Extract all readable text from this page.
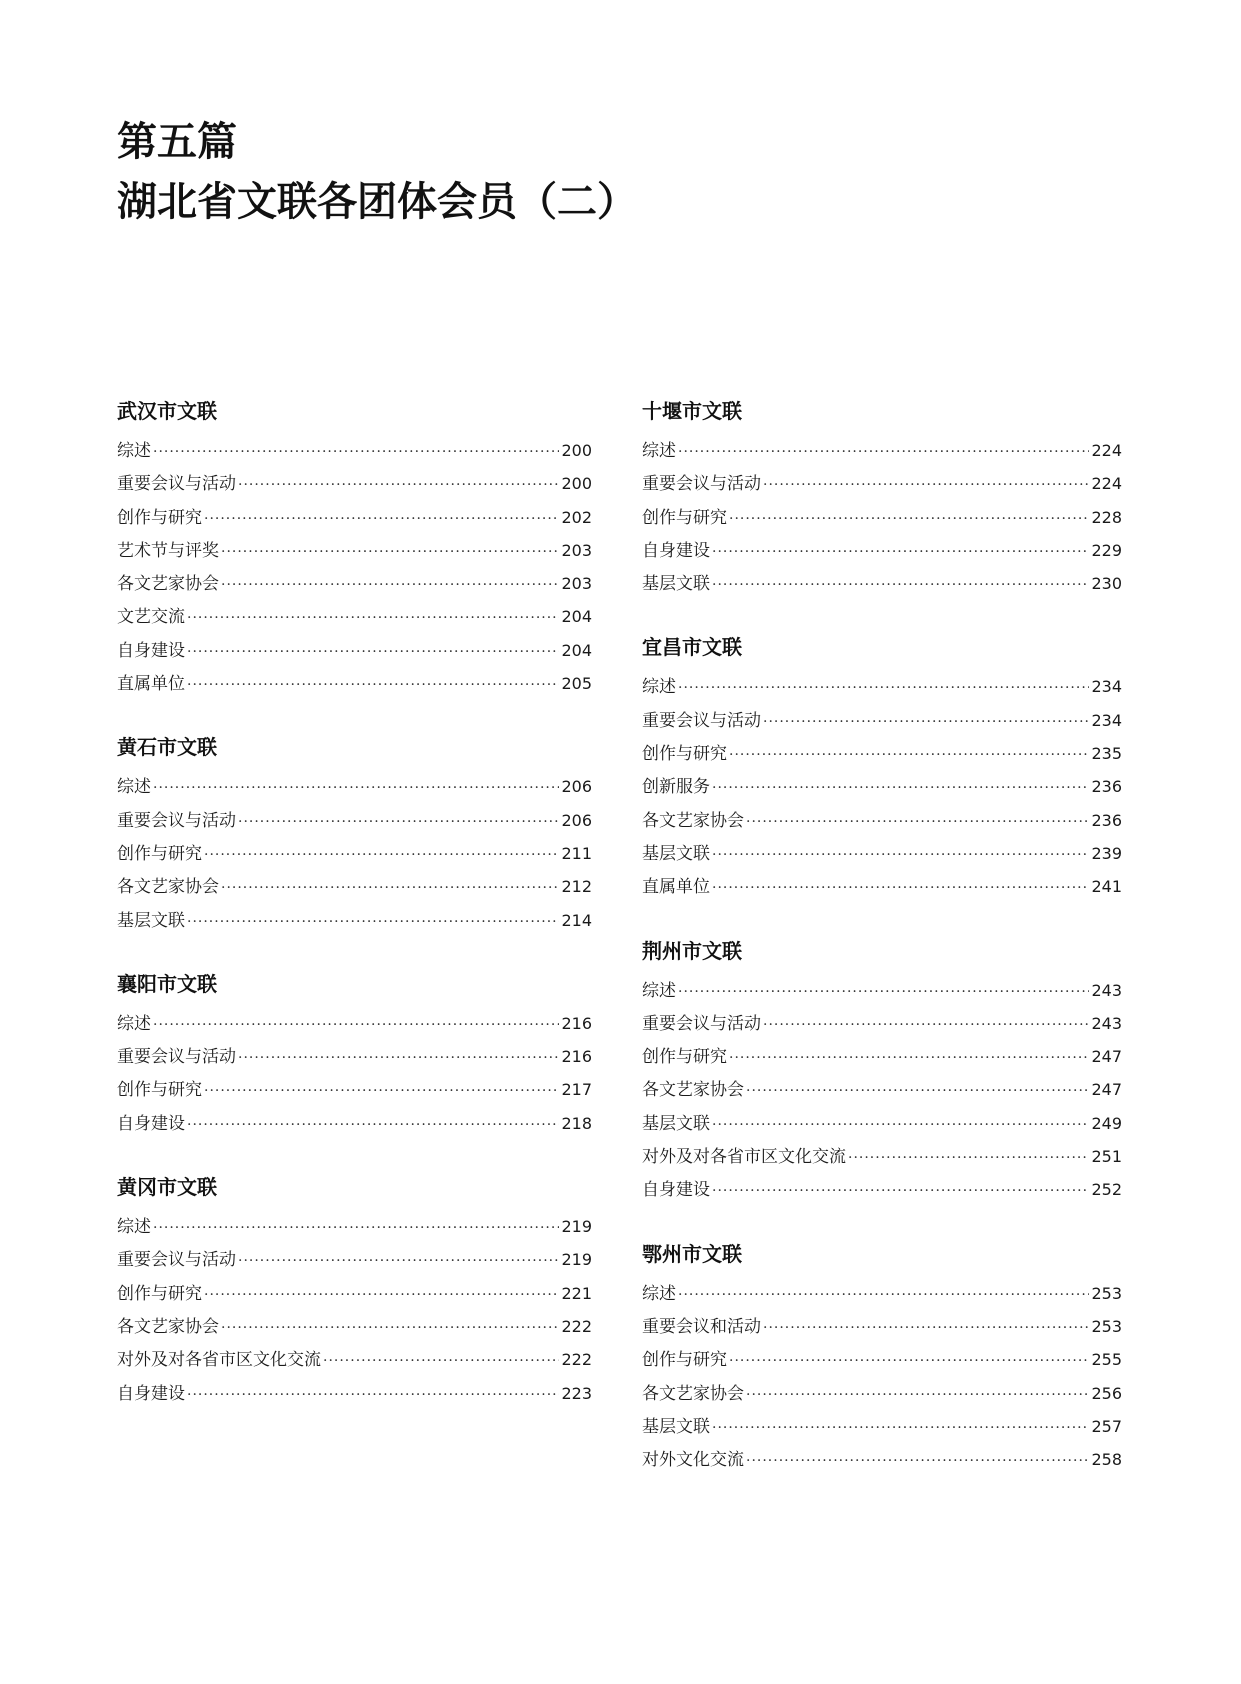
第五篇
湖北省文联各团体会员（二）
武汉市文联
综述 ·····	200
重要会议与活动 ·····	200
创作与研究 ·····	202
艺术节与评奖 ·····	203
各文艺家协会 ·····	203
文艺交流 ·····	204
自身建设 ·····	204
直属单位 ·····	205
黄石市文联
综述 ·····	206
重要会议与活动 ·····	206
创作与研究 ·····	211
各文艺家协会 ·····	212
基层文联 ·····	214
襄阳市文联
综述 ·····	216
重要会议与活动 ·····	216
创作与研究 ·····	217
自身建设 ·····	218
黄冈市文联
综述 ·····	219
重要会议与活动 ·····	219
创作与研究 ·····	221
各文艺家协会 ·····	222
对外及对各省市区文化交流 ·····	222
自身建设 ·····	223
十堰市文联
综述 ·····	224
重要会议与活动 ·····	224
创作与研究 ·····	228
自身建设 ·····	229
基层文联 ·····	230
宜昌市文联
综述 ·····	234
重要会议与活动 ·····	234
创作与研究 ·····	235
创新服务 ·····	236
各文艺家协会 ·····	236
基层文联 ·····	239
直属单位 ·····	241
荆州市文联
综述 ·····	243
重要会议与活动 ·····	243
创作与研究 ·····	247
各文艺家协会 ·····	247
基层文联 ·····	249
对外及对各省市区文化交流 ·····	251
自身建设 ·····	252
鄂州市文联
综述 ·····	253
重要会议和活动 ·····	253
创作与研究 ·····	255
各文艺家协会 ·····	256
基层文联 ·····	257
对外文化交流 ·····	258
